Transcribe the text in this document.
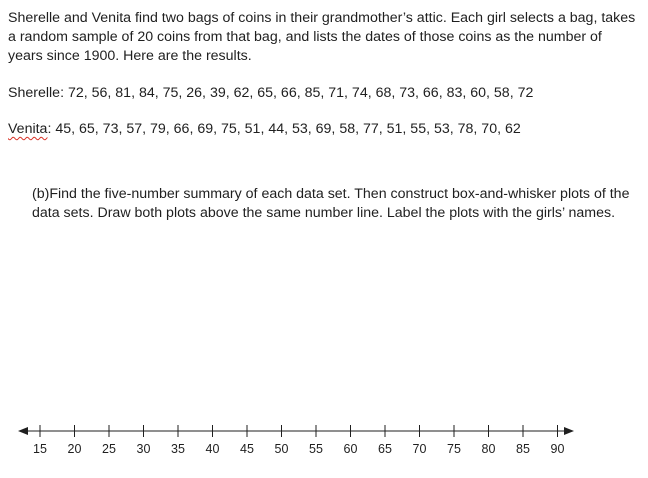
Sherelle and Venita find two bags of coins in their grandmother’s attic. Each girl selects a bag, takes a random sample of 20 coins from that bag, and lists the dates of those coins as the number of years since 1900. Here are the results.

Sherelle: 72, 56, 81, 84, 75, 26, 39, 62, 65, 66, 85, 71, 74, 68, 73, 66, 83, 60, 58, 72

Venita: 45, 65, 73, 57, 79, 66, 69, 75, 51, 44, 53, 69, 58, 77, 51, 55, 53, 78, 70, 62

(b)Find the five-number summary of each data set. Then construct box-and-whisker plots of the data sets. Draw both plots above the same number line. Label the plots with the girls’ names.

15 20 25 30 35 40 45 50 55 60 65 70 75 80 85 90
